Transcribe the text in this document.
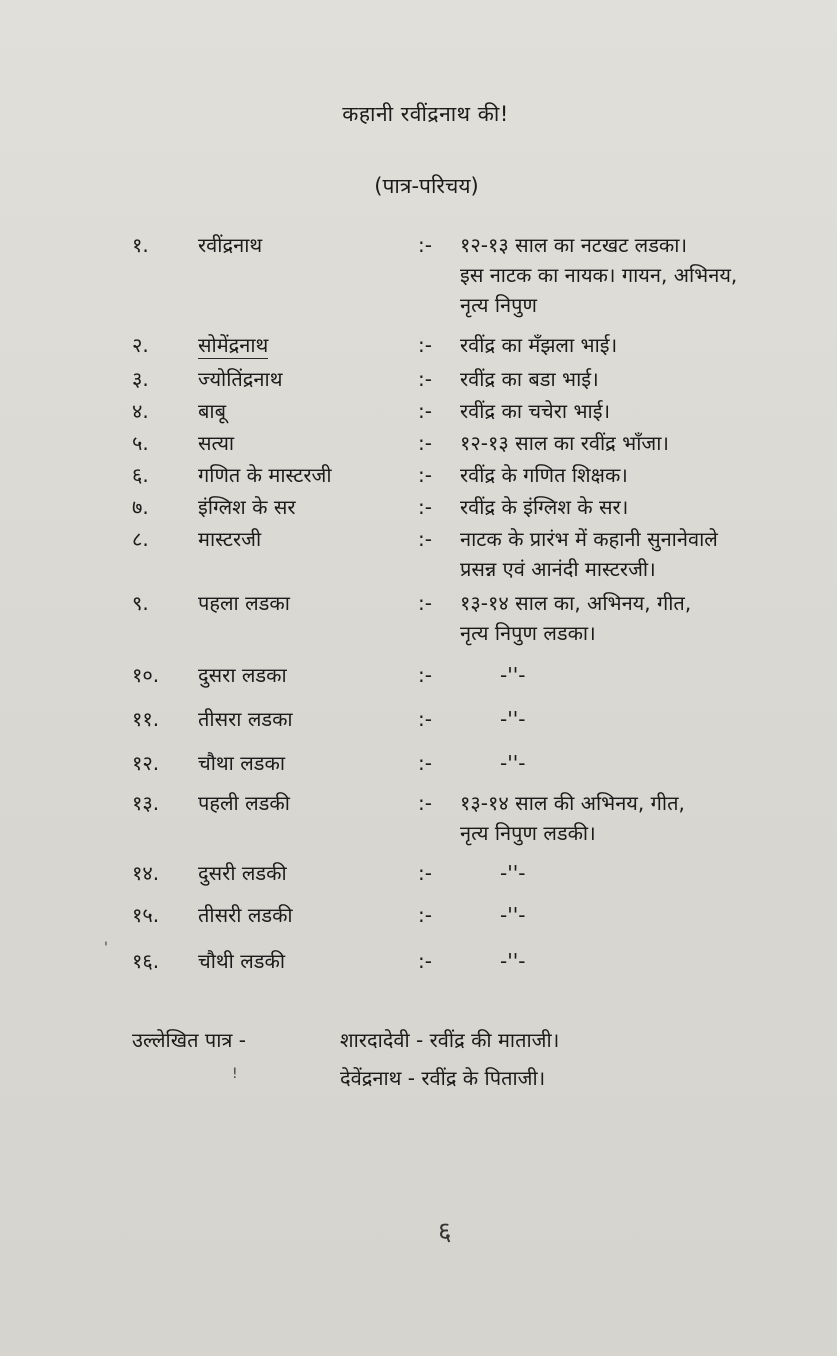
कहानी रवींद्रनाथ की!
(पात्र-परिचय)
१. रवींद्रनाथ	:- १२-१३ साल का नटखट लडका।
इस नाटक का नायक। गायन, अभिनय,
नृत्य निपुण
२. सोमेंद्रनाथ	:- रवींद्र का मँझला भाई।
३. ज्योतिंद्रनाथ	:- रवींद्र का बडा भाई।
४. बाबू	:- रवींद्र का चचेरा भाई।
५. सत्या	:- १२-१३ साल का रवींद्र भाँजा।
६. गणित के मास्टरजी	:- रवींद्र के गणित शिक्षक।
७. इंग्लिश के सर	:- रवींद्र के इंग्लिश के सर।
८. मास्टरजी	:- नाटक के प्रारंभ में कहानी सुनानेवाले
प्रसन्न एवं आनंदी मास्टरजी।
९. पहला लडका	:- १३-१४ साल का, अभिनय, गीत,
नृत्य निपुण लडका।
१०. दुसरा लडका	:-	-''-
११. तीसरा लडका	:-	-''-
१२. चौथा लडका	:-	-''-
१३. पहली लडकी	:- १३-१४ साल की अभिनय, गीत,
नृत्य निपुण लडकी।
१४. दुसरी लडकी	:-	-''-
१५. तीसरी लडकी	:-	-''-
१६. चौथी लडकी	:-	-''-
उल्लेखित पात्र -	शारदादेवी - रवींद्र की माताजी।
देवेंद्रनाथ - रवींद्र के पिताजी।
६
'
!
